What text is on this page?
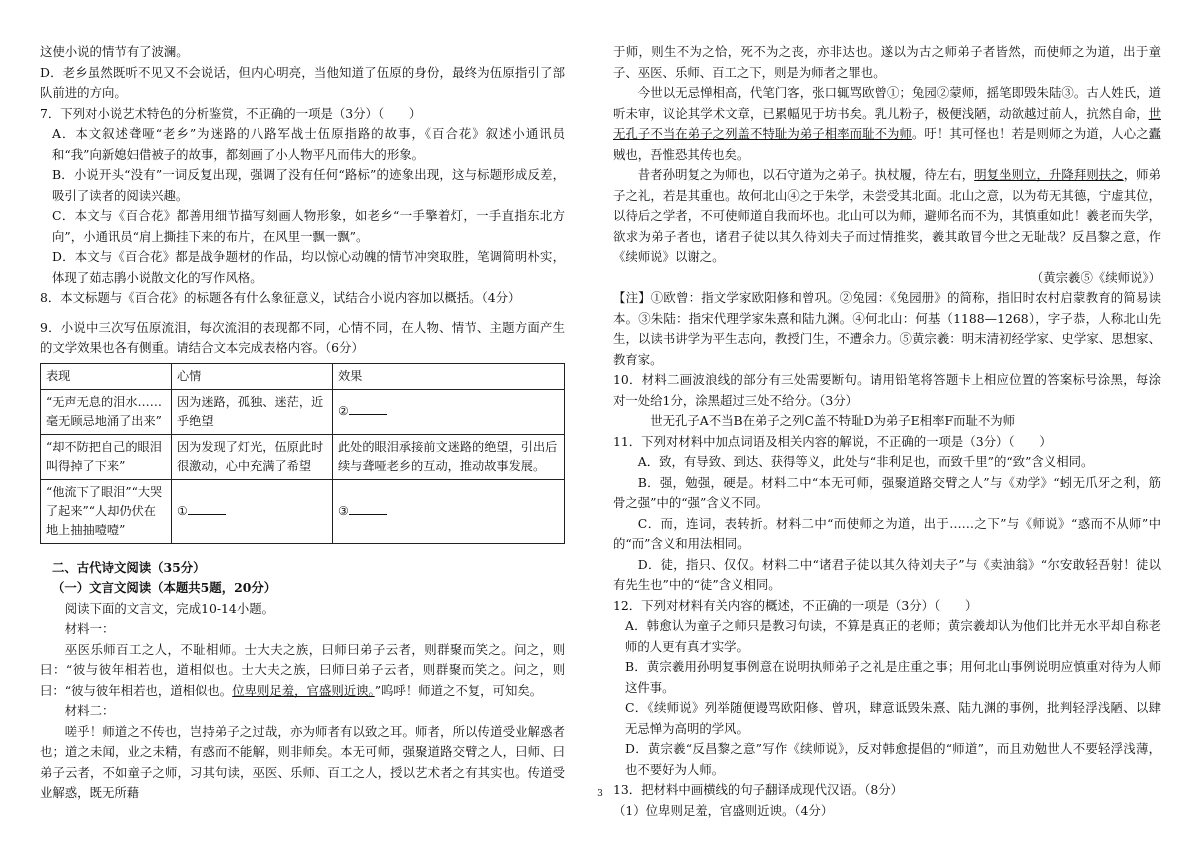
这使小说的情节有了波澜。

D．老乡虽然既听不见又不会说话，但内心明亮，当他知道了伍原的身份，最终为伍原指引了部队前进的方向。

7．下列对小说艺术特色的分析鉴赏，不正确的一项是（3分）（　　）

A．本文叙述聋哑“老乡”为迷路的八路军战士伍原指路的故事，《百合花》叙述小通讯员和“我”向新媳妇借被子的故事，都刻画了小人物平凡而伟大的形象。

B．小说开头“没有”一词反复出现，强调了没有任何“路标”的迹象出现，这与标题形成反差，吸引了读者的阅读兴趣。

C．本文与《百合花》都善用细节描写刻画人物形象，如老乡“一手擎着灯，一手直指东北方向”，小通讯员“肩上撕挂下来的布片，在风里一飘一飘”。

D．本文与《百合花》都是战争题材的作品，均以惊心动魄的情节冲突取胜，笔调简明朴实，体现了茹志鹃小说散文化的写作风格。

8．本文标题与《百合花》的标题各有什么象征意义，试结合小说内容加以概括。（4分）

9．小说中三次写伍原流泪，每次流泪的表现都不同，心情不同，在人物、情节、主题方面产生的文学效果也各有侧重。请结合文本完成表格内容。（6分）

表现	心情	效果
“无声无息的泪水……毫无顾忌地涌了出来”	因为迷路，孤独、迷茫，近乎绝望	②
“却不防把自己的眼泪叫得掉了下来”	因为发现了灯光，伍原此时很激动，心中充满了希望	此处的眼泪承接前文迷路的绝望，引出后续与聋哑老乡的互动，推动故事发展。
“他流下了眼泪”“大哭了起来”“人却仍伏在地上抽抽噎噎”	①	③

二、古代诗文阅读（35分）

（一）文言文阅读（本题共5题，20分）

阅读下面的文言文，完成10-14小题。

材料一：

巫医乐师百工之人，不耻相师。士大夫之族，曰师曰弟子云者，则群聚而笑之。问之，则曰：“彼与彼年相若也，道相似也。士大夫之族，曰师曰弟子云者，则群聚而笑之。问之，则曰：“彼与彼年相若也，道相似也。位卑则足羞，官盛则近谀。”呜呼！师道之不复，可知矣。

材料二：

嗟乎！师道之不传也，岂持弟子之过哉，亦为师者有以致之耳。师者，所以传道受业解惑者也；道之未闻，业之未精，有惑而不能解，则非师矣。本无可师，强聚道路交臂之人，曰师、曰弟子云者，不如童子之师，习其句读，巫医、乐师、百工之人，授以艺术者之有其实也。传道受业解惑，既无所藉

于师，则生不为之恰，死不为之丧，亦非达也。遂以为古之师弟子者皆然，而使师之为道，出于童子、巫医、乐师、百工之下，则是为师者之罪也。

今世以无忌惮相高，代笔门客，张口辄骂欧曾①；兔园②蒙师，摇笔即毁朱陆③。古人姓氏，道听未审，议论其学术文章，已累幅见于坊书矣。乳儿粉子，极便浅陋，动欲越过前人，抗然自命，世无孔子不当在弟子之列盖不特耻为弟子相率而耻不为师。吁！其可怪也！若是则师之为道，人心之蠹贼也，吾惟恐其传也矣。

昔者孙明复之为师也，以石守道为之弟子。执杖履，待左右，明复坐则立，升降拜则扶之，师弟子之礼，若是其重也。故何北山④之于朱学，未尝受其北面。北山之意，以为苟无其德，宁虚其位，以待后之学者，不可使师道自我而坏也。北山可以为师，避师名而不为，其慎重如此！羲老而失学，欲求为弟子者也，诸君子徒以其久待刘夫子而过情推奖，羲其敢冒今世之无耻哉？反昌黎之意，作《续师说》以谢之。

（黄宗羲⑤《续师说》）

【注】①欧曾：指文学家欧阳修和曾巩。②兔园：《兔园册》的简称，指旧时农村启蒙教育的简易读本。③朱陆：指宋代理学家朱熹和陆九渊。④何北山：何基（1188—1268），字子恭，人称北山先生，以读书讲学为平生志向，教授门生，不遭余力。⑤黄宗羲：明末清初经学家、史学家、思想家、教育家。

10．材料二画波浪线的部分有三处需要断句。请用铅笔将答题卡上相应位置的答案标号涂黑，每涂对一处给1分，涂黑超过三处不给分。（3分）

世无孔子A不当B在弟子之列C盖不特耻D为弟子E相率F而耻不为师

11．下列对材料中加点词语及相关内容的解说，不正确的一项是（3分）（　　）

A．致，有导致、到达、获得等义，此处与“非利足也，而致千里”的“致”含义相同。

B．强，勉强，硬是。材料二中“本无可师，强聚道路交臂之人”与《劝学》“蚓无爪牙之利，筋骨之强”中的“强”含义不同。

C．而，连词，表转折。材料二中“而使师之为道，出于……之下”与《师说》“惑而不从师”中的“而”含义和用法相同。

D．徒，指只、仅仅。材料二中“诸君子徒以其久待刘夫子”与《卖油翁》“尔安敢轻吾射！徒以有先生也”中的“徒”含义相同。

12．下列对材料有关内容的概述，不正确的一项是（3分）（　　）

A．韩愈认为童子之师只是教习句读，不算是真正的老师；黄宗羲却认为他们比并无水平却自称老师的人更有真才实学。

B．黄宗羲用孙明复事例意在说明执师弟子之礼是庄重之事；用何北山事例说明应慎重对待为人师这件事。

C．《续师说》列举随便谩骂欧阳修、曾巩，肆意诋毁朱熹、陆九渊的事例，批判轻浮浅陋、以肆无忌惮为高明的学风。

D．黄宗羲“反昌黎之意”写作《续师说》，反对韩愈提倡的“师道”，而且劝勉世人不要轻浮浅薄，也不要好为人师。

13．把材料中画横线的句子翻译成现代汉语。（8分）

（1）位卑则足羞，官盛则近谀。（4分）

3
